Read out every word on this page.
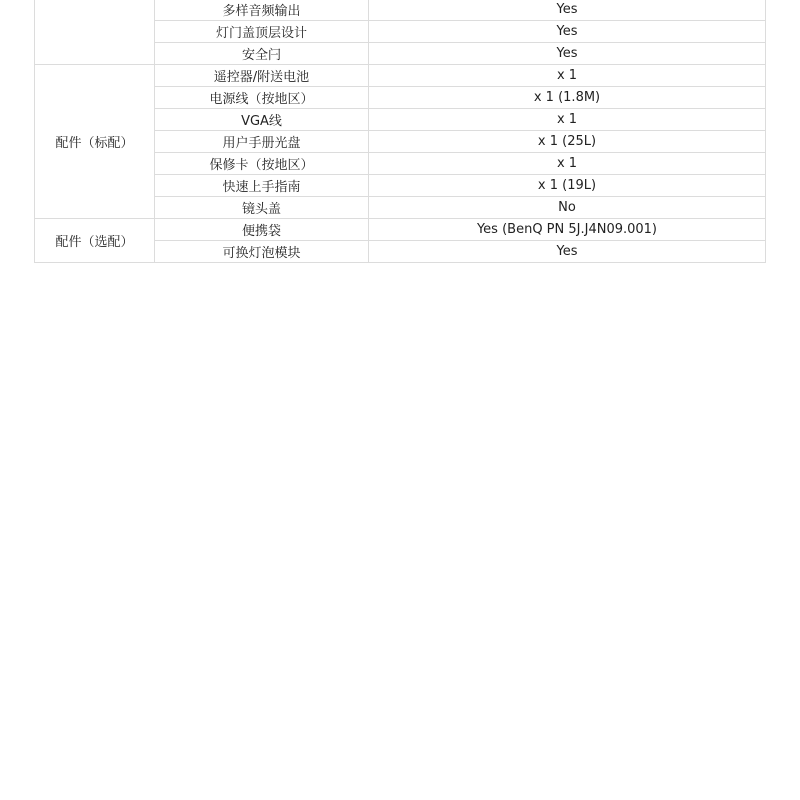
	多样音频输出	Yes
	灯门盖顶层设计	Yes
	安全闩	Yes
配件（标配）	遥控器/附送电池	x 1
	电源线（按地区）	x 1 (1.8M)
	VGA线	x 1
	用户手册光盘	x 1 (25L)
	保修卡（按地区）	x 1
	快速上手指南	x 1 (19L)
	镜头盖	No
配件（选配）	便携袋	Yes (BenQ PN 5J.J4N09.001)
	可换灯泡模块	Yes
